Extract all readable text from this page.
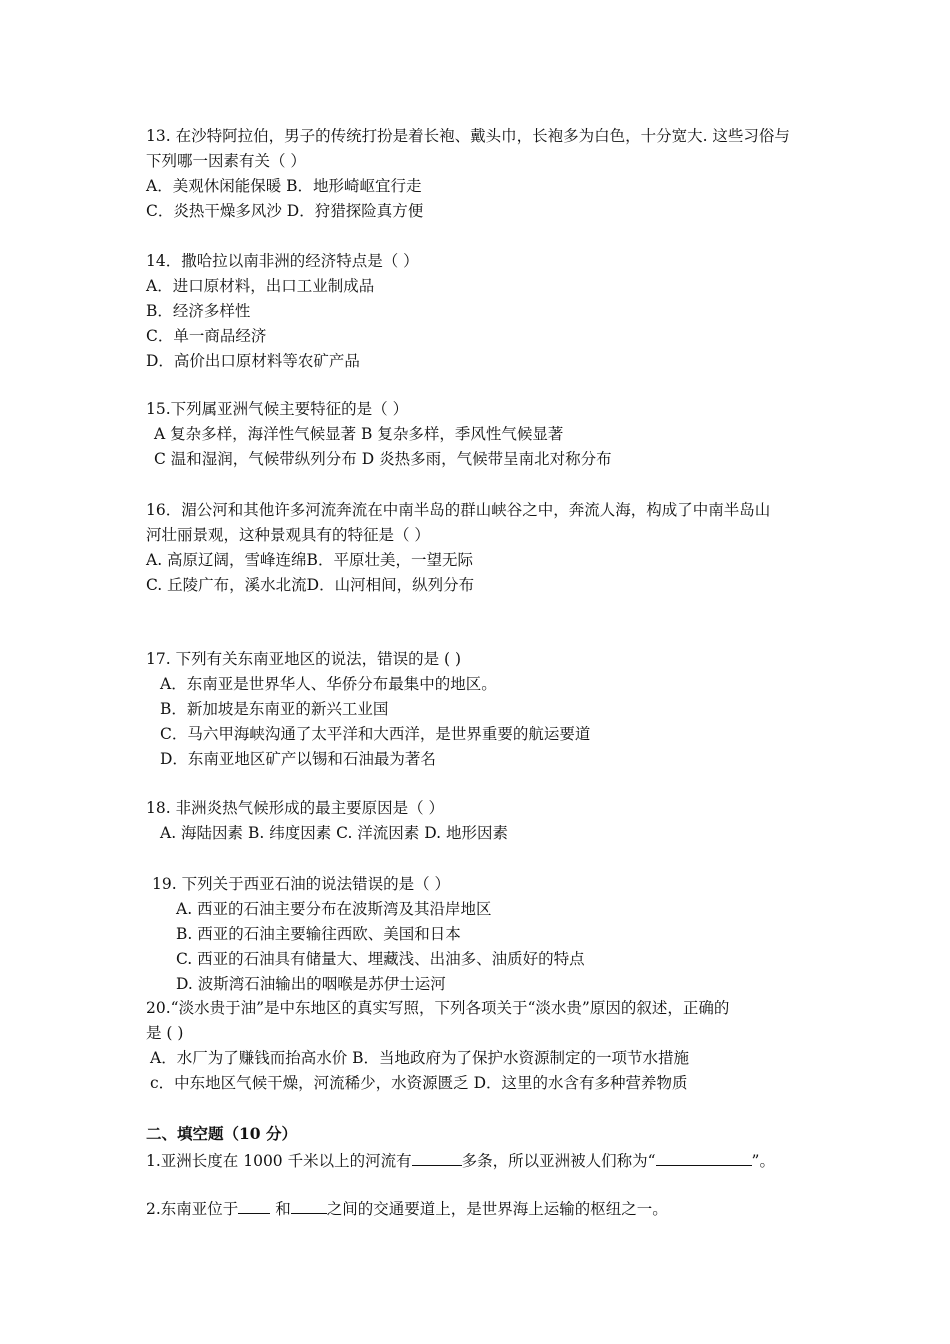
13. 在沙特阿拉伯，男子的传统打扮是着长袍、戴头巾，长袍多为白色，十分宽大. 这些习俗与
下列哪一因素有关（ ）
A．美观休闲能保暖 B．地形崎岖宜行走
C．炎热干燥多风沙 D．狩猎探险真方便
14．撒哈拉以南非洲的经济特点是（ ）
A．进口原材料，出口工业制成品
B．经济多样性
C．单一商品经济
D．高价出口原材料等农矿产品
15.下列属亚洲气候主要特征的是（ ）
A 复杂多样，海洋性气候显著 B 复杂多样，季风性气候显著
C 温和湿润，气候带纵列分布 D 炎热多雨，气候带呈南北对称分布
16．湄公河和其他许多河流奔流在中南半岛的群山峡谷之中，奔流人海，构成了中南半岛山
河壮丽景观，这种景观具有的特征是（ ）
A. 高原辽阔，雪峰连绵B．平原壮美，一望无际
C. 丘陵广布，溪水北流D．山河相间，纵列分布
17. 下列有关东南亚地区的说法，错误的是 ( )
A．东南亚是世界华人、华侨分布最集中的地区。
B．新加坡是东南亚的新兴工业国
C．马六甲海峡沟通了太平洋和大西洋，是世界重要的航运要道
D．东南亚地区矿产以锡和石油最为著名
18. 非洲炎热气候形成的最主要原因是（ ）
A. 海陆因素 B. 纬度因素 C. 洋流因素 D. 地形因素
19. 下列关于西亚石油的说法错误的是（ ）
A. 西亚的石油主要分布在波斯湾及其沿岸地区
B. 西亚的石油主要输往西欧、美国和日本
C. 西亚的石油具有储量大、埋藏浅、出油多、油质好的特点
D. 波斯湾石油输出的咽喉是苏伊士运河
20.“淡水贵于油”是中东地区的真实写照，下列各项关于“淡水贵”原因的叙述，正确的
是 ( )
A．水厂为了赚钱而抬高水价 B．当地政府为了保护水资源制定的一项节水措施
c．中东地区气候干燥，河流稀少，水资源匮乏 D．这里的水含有多种营养物质
二、填空题（10 分）
1.亚洲长度在 1000 千米以上的河流有	多条，所以亚洲被人们称为“	”。
2.东南亚位于 和 之间的交通要道上，是世界海上运输的枢纽之一。
